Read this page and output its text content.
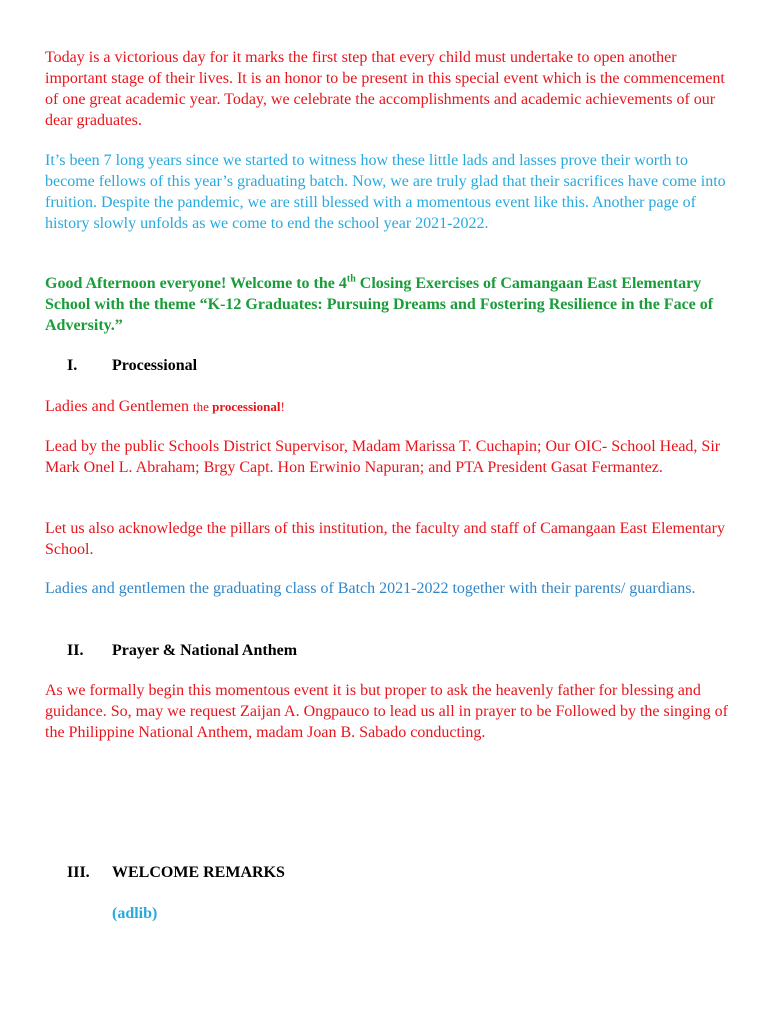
Today is a victorious day for it marks the first step that every child must undertake to open another important stage of their lives. It is an honor to be present in this special event which is the commencement of one great academic year. Today, we celebrate the accomplishments and academic achievements of our dear graduates.

It’s been 7 long years since we started to witness how these little lads and lasses prove their worth to become fellows of this year’s graduating batch. Now, we are truly glad that their sacrifices have come into fruition. Despite the pandemic, we are still blessed with a momentous event like this. Another page of history slowly unfolds as we come to end the school year 2021-2022.

Good Afternoon everyone! Welcome to the 4th Closing Exercises of Camangaan East Elementary School with the theme “K-12 Graduates: Pursuing Dreams and Fostering Resilience in the Face of Adversity.”

I.	Processional

Ladies and Gentlemen the processional!

Lead by the public Schools District Supervisor, Madam Marissa T. Cuchapin; Our OIC- School Head, Sir Mark Onel L. Abraham; Brgy Capt. Hon Erwinio Napuran; and PTA President Gasat Fermantez.

Let us also acknowledge the pillars of this institution, the faculty and staff of Camangaan East Elementary School.

Ladies and gentlemen the graduating class of Batch 2021-2022 together with their parents/ guardians.

II.	Prayer & National Anthem

As we formally begin this momentous event it is but proper to ask the heavenly father for blessing and guidance. So, may we request Zaijan A. Ongpauco to lead us all in prayer to be Followed by the singing of the Philippine National Anthem, madam Joan B. Sabado conducting.

III.	WELCOME REMARKS

(adlib)
